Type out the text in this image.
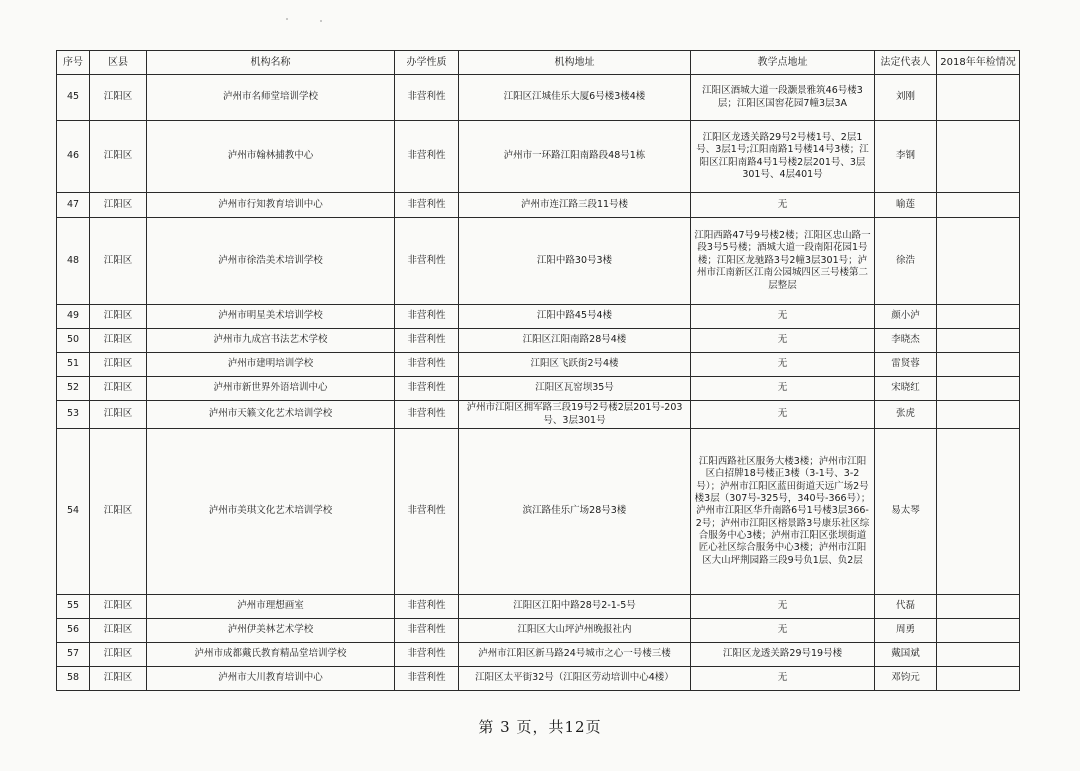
序号	区县	机构名称	办学性质	机构地址	教学点地址	法定代表人	2018年年检情况
45	江阳区	泸州市名师堂培训学校	非营利性	江阳区江城佳乐大厦6号楼3楼4楼	江阳区酒城大道一段灏景雅筑46号楼3层；江阳区国窖花园7幢3层3A	刘刚	
46	江阳区	泸州市翰林捕教中心	非营利性	泸州市一环路江阳南路段48号1栋	江阳区龙透关路29号2号楼1号、2层1号、3层1号;江阳南路1号楼14号3楼；江阳区江阳南路4号1号楼2层201号、3层301号、4层401号	李钢	
47	江阳区	泸州市行知教育培训中心	非营利性	泸州市连江路三段11号楼	无	喻莲	
48	江阳区	泸州市徐浩美术培训学校	非营利性	江阳中路30号3楼	江阳西路47号9号楼2楼；江阳区忠山路一段3号5号楼；酒城大道一段南阳花园1号楼；江阳区龙驰路3号2幢3层301号；泸州市江南新区江南公园城四区三号楼第二层整层	徐浩	
49	江阳区	泸州市明星美术培训学校	非营利性	江阳中路45号4楼	无	颜小泸	
50	江阳区	泸州市九成宫书法艺术学校	非营利性	江阳区江阳南路28号4楼	无	李晓杰	
51	江阳区	泸州市建明培训学校	非营利性	江阳区飞跃街2号4楼	无	雷贤蓉	
52	江阳区	泸州市新世界外语培训中心	非营利性	江阳区瓦窑坝35号	无	宋晓红	
53	江阳区	泸州市天籁文化艺术培训学校	非营利性	泸州市江阳区拥军路三段19号2号楼2层201号-203号、3层301号	无	张虎	
54	江阳区	泸州市美琪文化艺术培训学校	非营利性	滨江路佳乐广场28号3楼	江阳西路社区服务大楼3楼；泸州市江阳区白招牌18号楼正3楼（3-1号、3-2号）；泸州市江阳区蓝田街道天远广场2号楼3层（307号-325号，340号-366号）；泸州市江阳区华升南路6号1号楼3层366-2号；泸州市江阳区榕景路3号康乐社区综合服务中心3楼；泸州市江阳区张坝街道匠心社区综合服务中心3楼；泸州市江阳区大山坪荆园路三段9号负1层、负2层	易太琴	
55	江阳区	泸州市理想画室	非营利性	江阳区江阳中路28号2-1-5号	无	代磊	
56	江阳区	泸州伊美林艺术学校	非营利性	江阳区大山坪泸州晚报社内	无	周勇	
57	江阳区	泸州市成都戴氏教育精品堂培训学校	非营利性	泸州市江阳区新马路24号城市之心一号楼三楼	江阳区龙透关路29号19号楼	戴国斌	
58	江阳区	泸州市大川教育培训中心	非营利性	江阳区太平街32号（江阳区劳动培训中心4楼）	无	邓钧元	
第 3 页，共12页
